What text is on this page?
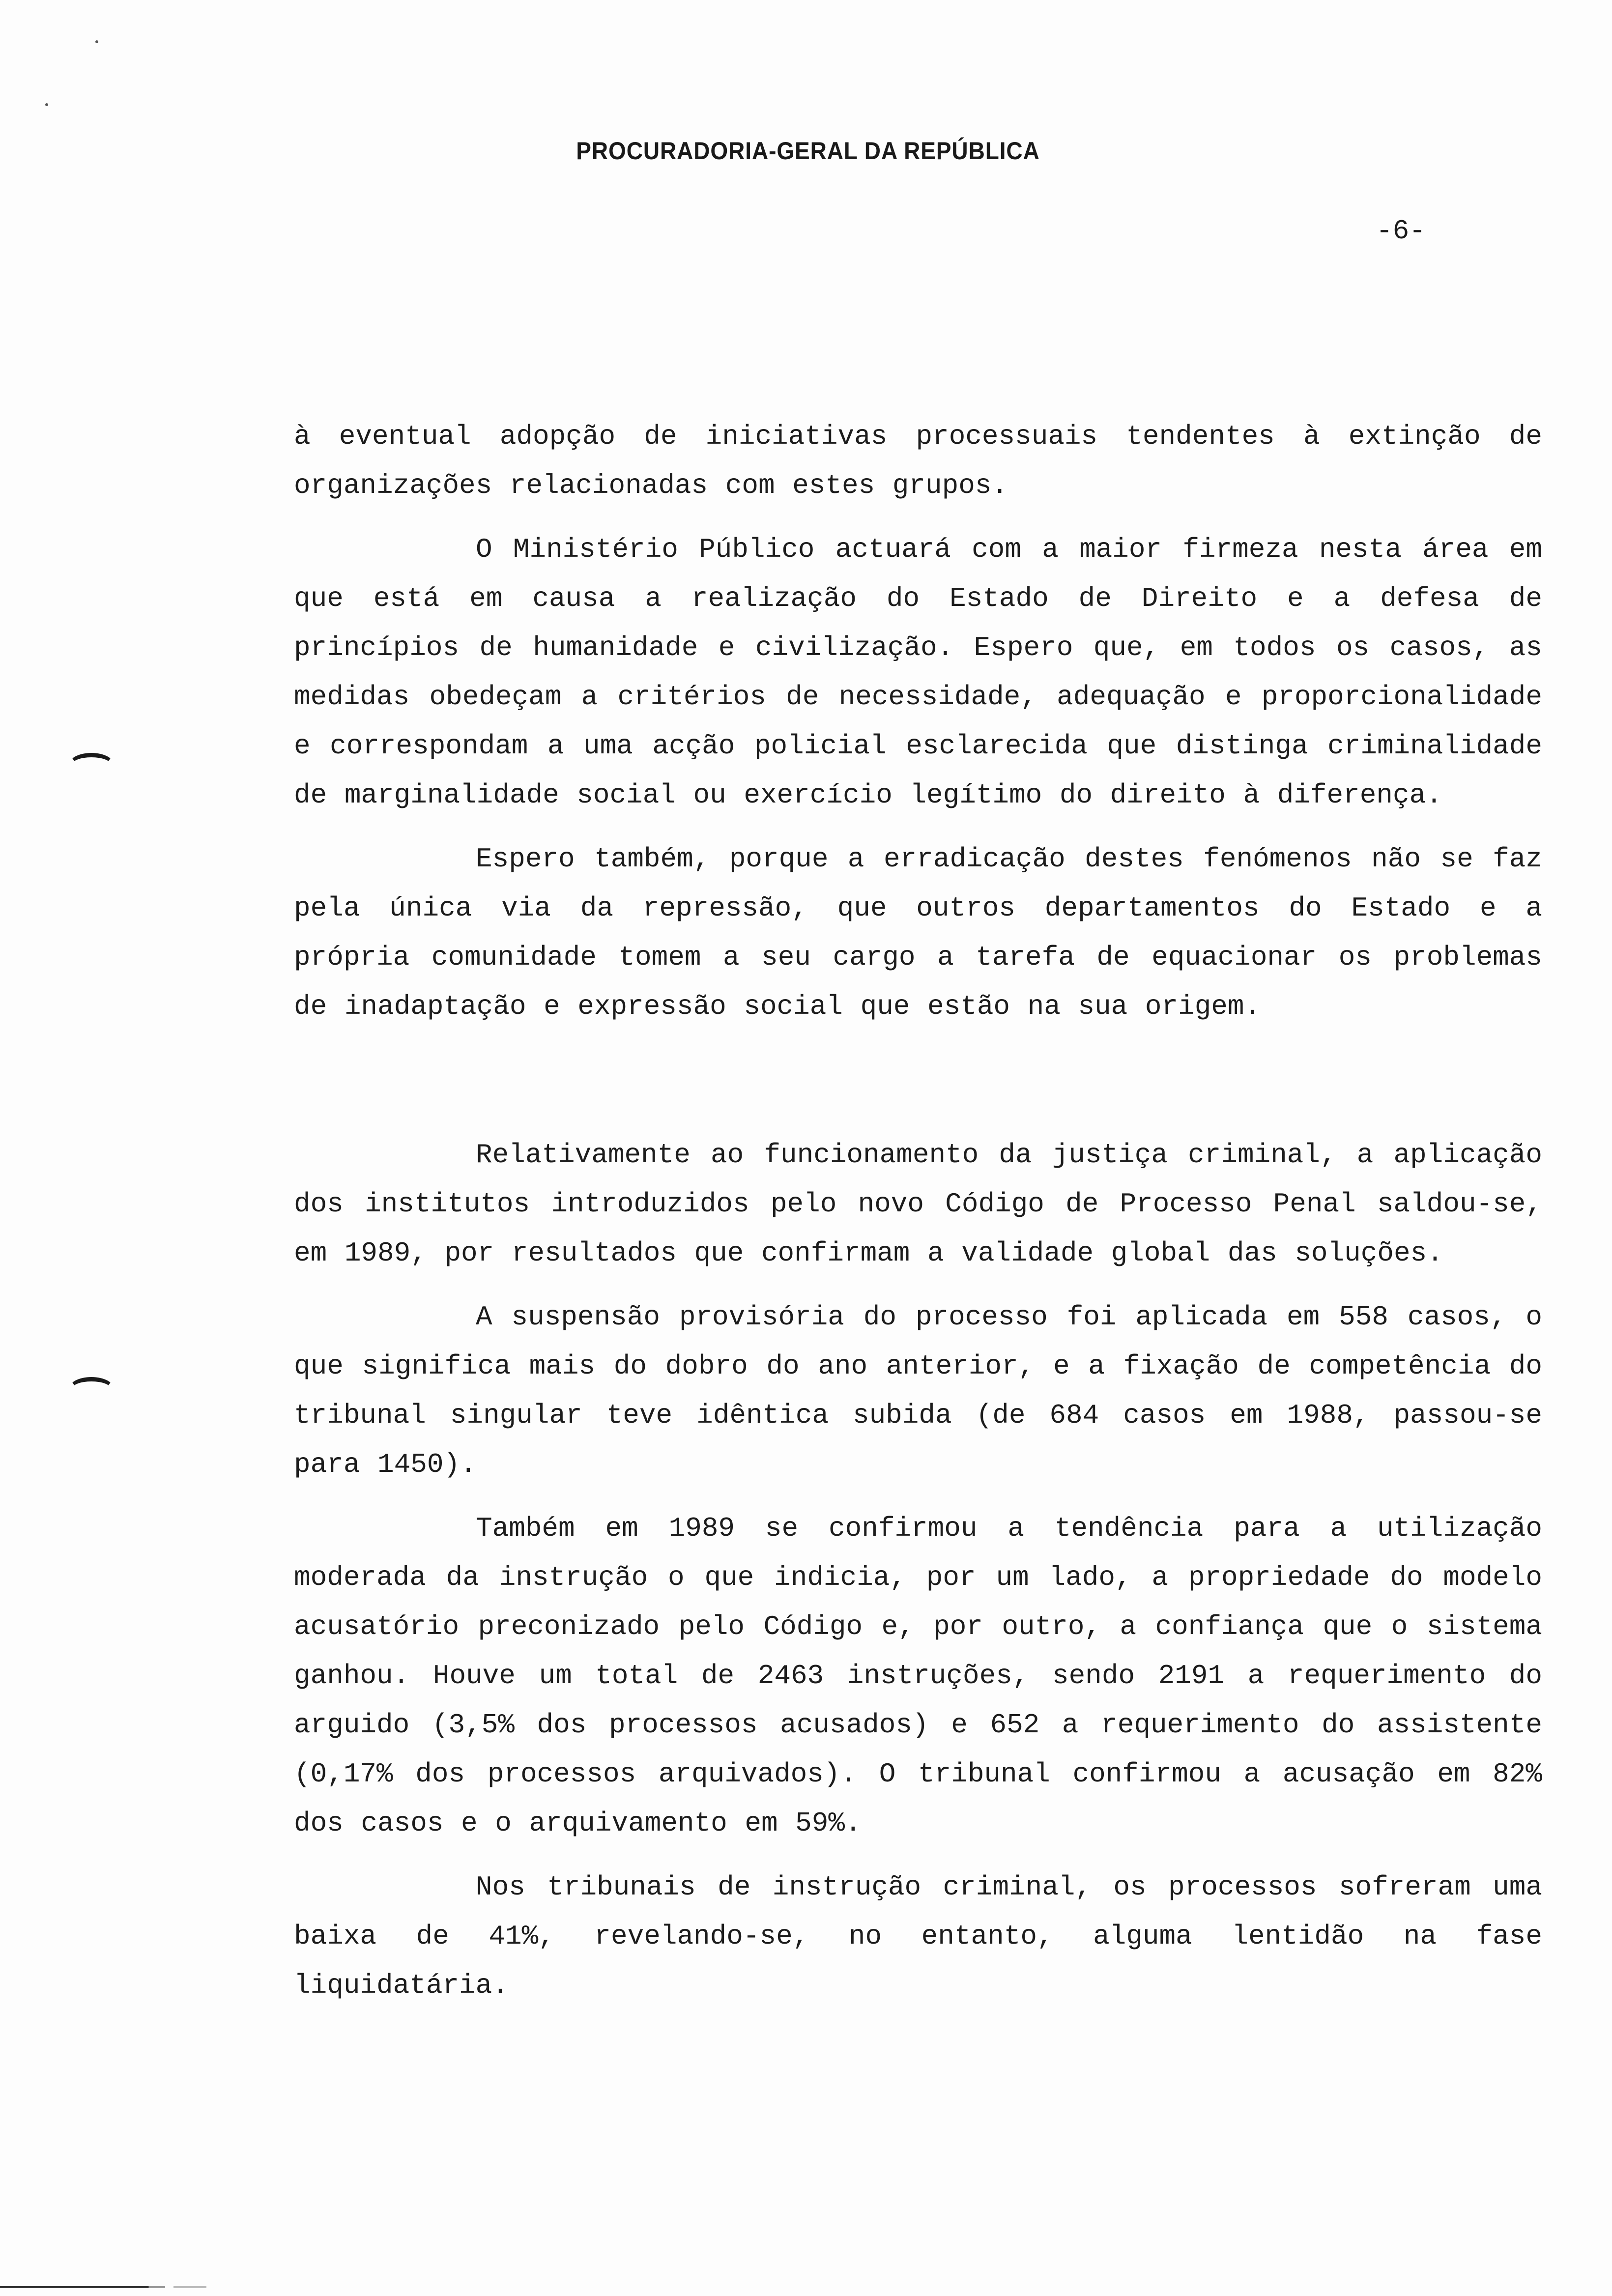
PROCURADORIA-GERAL DA REPÚBLICA
-6-

à eventual adopção de iniciativas processuais tendentes à extinção de organizações relacionadas com estes grupos.

O Ministério Público actuará com a maior firmeza nesta área em que está em causa a realização do Estado de Direito e a defesa de princípios de humanidade e civilização. Espero que, em todos os casos, as medidas obedeçam a critérios de necessidade, adequação e proporcionalidade e correspondam a uma acção policial esclarecida que distinga criminalidade de marginalidade social ou exercício legítimo do direito à diferença.

Espero também, porque a erradicação destes fenómenos não se faz pela única via da repressão, que outros departamentos do Estado e a própria comunidade tomem a seu cargo a tarefa de equacionar os problemas de inadaptação e expressão social que estão na sua origem.

Relativamente ao funcionamento da justiça criminal, a aplicação dos institutos introduzidos pelo novo Código de Processo Penal saldou-se, em 1989, por resultados que confirmam a validade global das soluções.

A suspensão provisória do processo foi aplicada em 558 casos, o que significa mais do dobro do ano anterior, e a fixação de competência do tribunal singular teve idêntica subida (de 684 casos em 1988, passou-se para 1450).

Também em 1989 se confirmou a tendência para a utilização moderada da instrução o que indicia, por um lado, a propriedade do modelo acusatório preconizado pelo Código e, por outro, a confiança que o sistema ganhou. Houve um total de 2463 instruções, sendo 2191 a requerimento do arguido (3,5% dos processos acusados) e 652 a requerimento do assistente (0,17% dos processos arquivados). O tribunal confirmou a acusação em 82% dos casos e o arquivamento em 59%.

Nos tribunais de instrução criminal, os processos sofreram uma baixa de 41%, revelando-se, no entanto, alguma lentidão na fase liquidatária.
